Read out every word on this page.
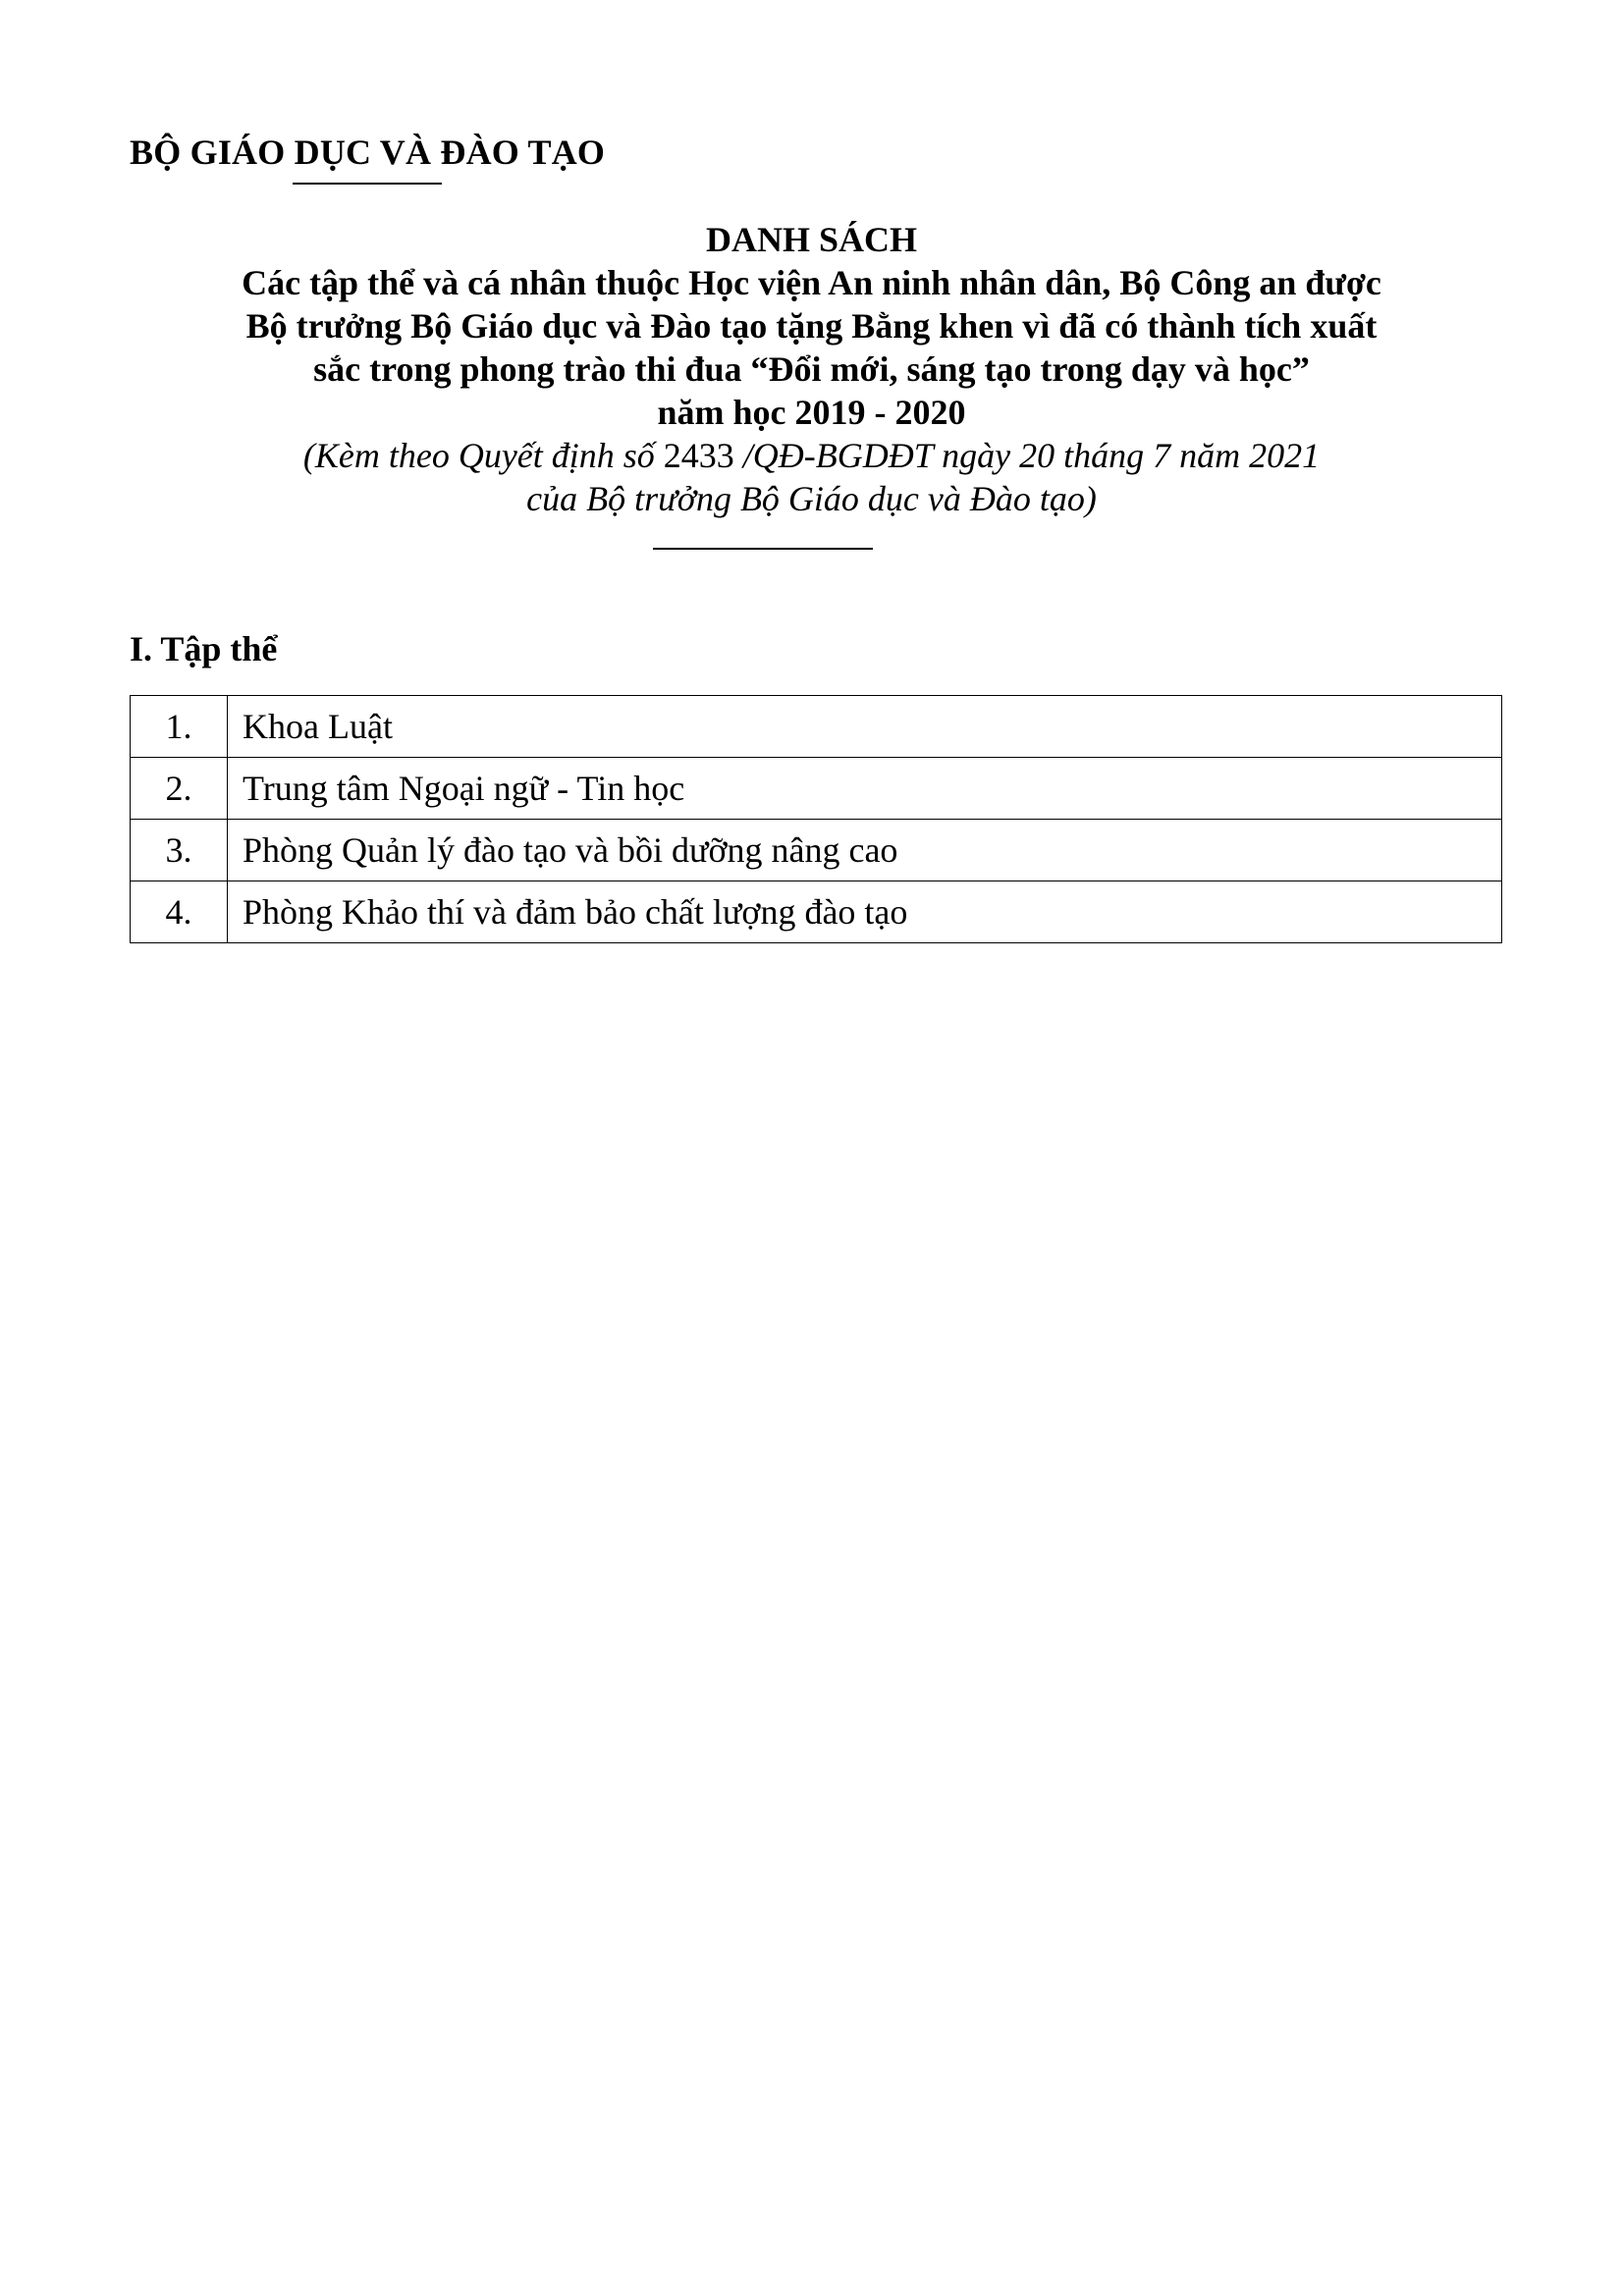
BỘ GIÁO DỤC VÀ ĐÀO TẠO

DANH SÁCH

Các tập thể và cá nhân thuộc Học viện An ninh nhân dân, Bộ Công an được

Bộ trưởng Bộ Giáo dục và Đào tạo tặng Bằng khen vì đã có thành tích xuất

sắc trong phong trào thi đua “Đổi mới, sáng tạo trong dạy và học”

năm học 2019 - 2020

(Kèm theo Quyết định số 2433 /QĐ-BGDĐT ngày 20 tháng 7 năm 2021

của Bộ trưởng Bộ Giáo dục và Đào tạo)

I. Tập thể
1.	Khoa Luật
2.	Trung tâm Ngoại ngữ - Tin học
3.	Phòng Quản lý đào tạo và bồi dưỡng nâng cao
4.	Phòng Khảo thí và đảm bảo chất lượng đào tạo
